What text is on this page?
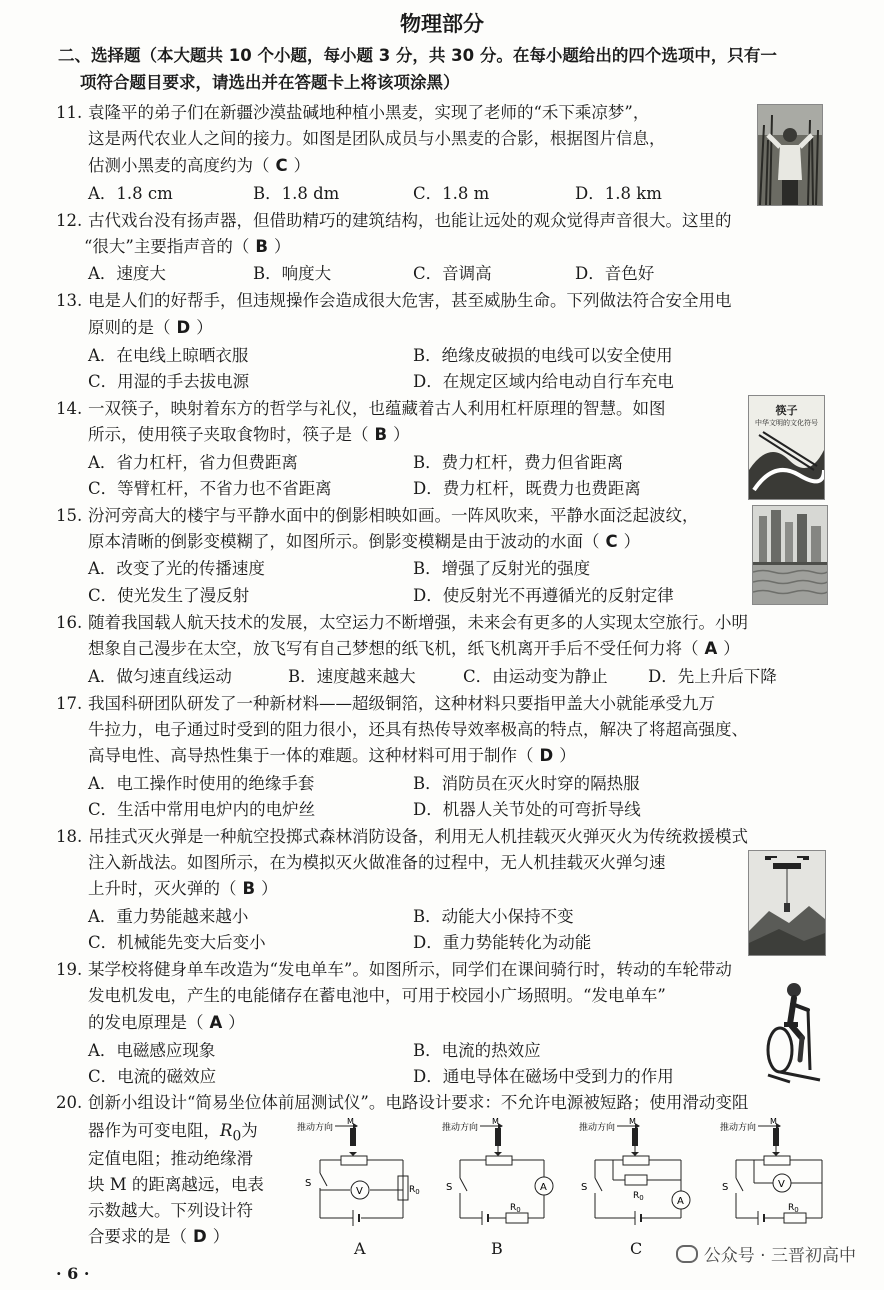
物理部分
二、选择题（本大题共 10 个小题，每小题 3 分，共 30 分。在每小题给出的四个选项中，只有一
项符合题目要求，请选出并在答题卡上将该项涂黑）
11. 袁隆平的弟子们在新疆沙漠盐碱地种植小黑麦，实现了老师的“禾下乘凉梦”，
这是两代农业人之间的接力。如图是团队成员与小黑麦的合影，根据图片信息，
估测小黑麦的高度约为（ C ）
A．1.8 cm	B．1.8 dm	C．1.8 m	D．1.8 km
12. 古代戏台没有扬声器，但借助精巧的建筑结构，也能让远处的观众觉得声音很大。这里的
“很大”主要指声音的（ B ）
A．速度大	B．响度大	C．音调高	D．音色好
13. 电是人们的好帮手，但违规操作会造成很大危害，甚至威胁生命。下列做法符合安全用电
原则的是（ D ）
A．在电线上晾晒衣服	B．绝缘皮破损的电线可以安全使用
C．用湿的手去拔电源	D．在规定区域内给电动自行车充电
14. 一双筷子，映射着东方的哲学与礼仪，也蕴藏着古人利用杠杆原理的智慧。如图
所示，使用筷子夹取食物时，筷子是（ B ）
A．省力杠杆，省力但费距离	B．费力杠杆，费力但省距离
C．等臂杠杆，不省力也不省距离	D．费力杠杆，既费力也费距离
筷子
中华文明的文化符号
15. 汾河旁高大的楼宇与平静水面中的倒影相映如画。一阵风吹来，平静水面泛起波纹，
原本清晰的倒影变模糊了，如图所示。倒影变模糊是由于波动的水面（ C ）
A．改变了光的传播速度	B．增强了反射光的强度
C．使光发生了漫反射	D．使反射光不再遵循光的反射定律
16. 随着我国载人航天技术的发展，太空运力不断增强，未来会有更多的人实现太空旅行。小明
想象自己漫步在太空，放飞写有自己梦想的纸飞机，纸飞机离开手后不受任何力将（ A ）
A．做匀速直线运动	B．速度越来越大	C．由运动变为静止 D．先上升后下降
17. 我国科研团队研发了一种新材料——超级铜箔，这种材料只要指甲盖大小就能承受九万
牛拉力，电子通过时受到的阻力很小，还具有热传导效率极高的特点，解决了将超高强度、
高导电性、高导热性集于一体的难题。这种材料可用于制作（ D ）
A．电工操作时使用的绝缘手套	B．消防员在灭火时穿的隔热服
C．生活中常用电炉内的电炉丝	D．机器人关节处的可弯折导线
18. 吊挂式灭火弹是一种航空投掷式森林消防设备，利用无人机挂载灭火弹灭火为传统救援模式
注入新战法。如图所示，在为模拟灭火做准备的过程中，无人机挂载灭火弹匀速
上升时，灭火弹的（ B ）
A．重力势能越来越小	B．动能大小保持不变
C．机械能先变大后变小	D．重力势能转化为动能
19. 某学校将健身单车改造为“发电单车”。如图所示，同学们在课间骑行时，转动的车轮带动
发电机发电，产生的电能储存在蓄电池中，可用于校园小广场照明。“发电单车”
的发电原理是（ A ）
A．电磁感应现象	B．电流的热效应
C．电流的磁效应	D．通电导体在磁场中受到力的作用
20. 创新小组设计“简易坐位体前屈测试仪”。电路设计要求：不允许电源被短路；使用滑动变阻
器作为可变电阻，$R_0$为
定值电阻；推动绝缘滑
块 M 的距离越远，电表
示数越大。下列设计符
合要求的是（ D ）
推动方向
M
$R_0$
S
V
A
推动方向
M
A
S
$R_0$
B
推动方向
M
$R_0$	A
S
C
推动方向
M
V
S
$R_0$
· 6 ·
公众号 · 三晋初高中
